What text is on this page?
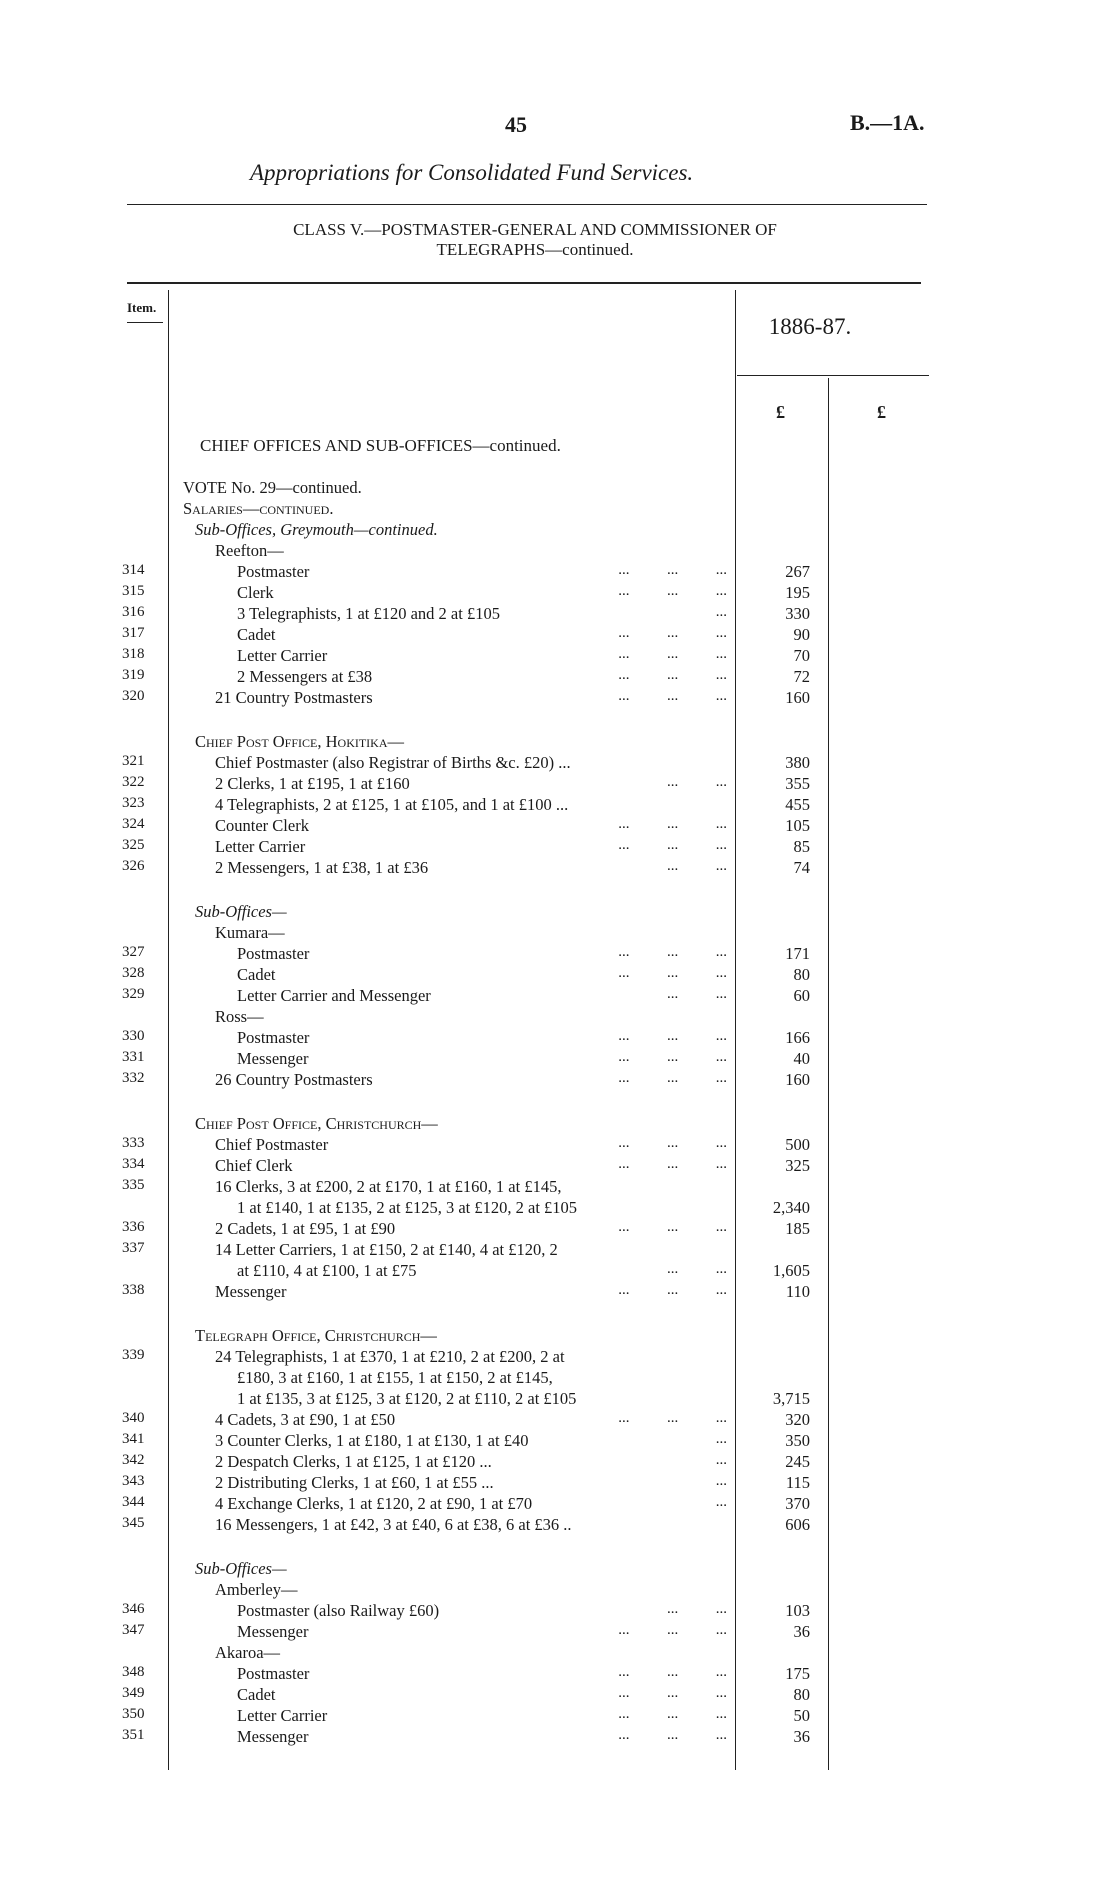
45	B.—1A.
Appropriations for Consolidated Fund Services.
CLASS V.—POSTMASTER-GENERAL AND COMMISSIONER OF
TELEGRAPHS—continued.
Item.
1886-87.
£	£
CHIEF OFFICES AND SUB-OFFICES—continued.
VOTE No. 29—continued.
Salaries—continued.
Sub-Offices, Greymouth—continued.
Reefton—
314	Postmaster	...          ...          ...	267
315	Clerk	...          ...          ...	195
316	3 Telegraphists, 1 at £120 and 2 at £105	...	330
317	Cadet	...          ...          ...	90
318	Letter Carrier	...          ...          ...	70
319	2 Messengers at £38	...          ...          ...	72
320	21 Country Postmasters	...          ...          ...	160
Chief Post Office, Hokitika—
321	Chief Postmaster (also Registrar of Births &c. £20) ...	380
322	2 Clerks, 1 at £195, 1 at £160	...          ...	355
323	4 Telegraphists, 2 at £125, 1 at £105, and 1 at £100 ...	455
324	Counter Clerk	...          ...          ...	105
325	Letter Carrier	...          ...          ...	85
326	2 Messengers, 1 at £38, 1 at £36	...          ...	74
Sub-Offices—
Kumara—
327	Postmaster	...          ...          ...	171
328	Cadet	...          ...          ...	80
329	Letter Carrier and Messenger	...          ...	60
Ross—
330	Postmaster	...          ...          ...	166
331	Messenger	...          ...          ...	40
332	26 Country Postmasters	...          ...          ...	160
Chief Post Office, Christchurch—
333	Chief Postmaster	...          ...          ...	500
334	Chief Clerk	...          ...          ...	325
335	16 Clerks, 3 at £200, 2 at £170, 1 at £160, 1 at £145,
1 at £140, 1 at £135, 2 at £125, 3 at £120, 2 at £105	2,340
336	2 Cadets, 1 at £95, 1 at £90	...          ...          ...	185
337	14 Letter Carriers, 1 at £150, 2 at £140, 4 at £120, 2
at £110, 4 at £100, 1 at £75	...          ...	1,605
338	Messenger	...          ...          ...	110
Telegraph Office, Christchurch—
339	24 Telegraphists, 1 at £370, 1 at £210, 2 at £200, 2 at
£180, 3 at £160, 1 at £155, 1 at £150, 2 at £145,
1 at £135, 3 at £125, 3 at £120, 2 at £110, 2 at £105	3,715
340	4 Cadets, 3 at £90, 1 at £50	...          ...          ...	320
341	3 Counter Clerks, 1 at £180, 1 at £130, 1 at £40	...	350
342	2 Despatch Clerks, 1 at £125, 1 at £120 ...	...	245
343	2 Distributing Clerks, 1 at £60, 1 at £55 ...	...	115
344	4 Exchange Clerks, 1 at £120, 2 at £90, 1 at £70	...	370
345	16 Messengers, 1 at £42, 3 at £40, 6 at £38, 6 at £36 ..	606
Sub-Offices—
Amberley—
346	Postmaster (also Railway £60)	...          ...	103
347	Messenger	...          ...          ...	36
Akaroa—
348	Postmaster	...          ...          ...	175
349	Cadet	...          ...          ...	80
350	Letter Carrier	...          ...          ...	50
351	Messenger	...          ...          ...	36
